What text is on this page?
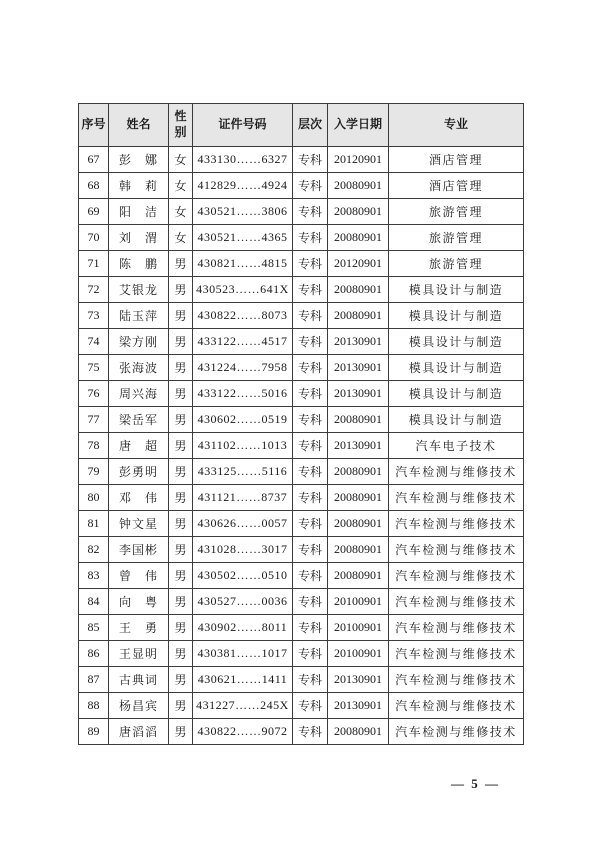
序号	姓名	性别	证件号码	层次	入学日期	专业
67	彭　娜	女	433130……6327	专科	20120901	酒店管理
68	韩　莉	女	412829……4924	专科	20080901	酒店管理
69	阳　洁	女	430521……3806	专科	20080901	旅游管理
70	刘　渭	女	430521……4365	专科	20080901	旅游管理
71	陈　鹏	男	430821……4815	专科	20120901	旅游管理
72	艾银龙	男	430523……641X	专科	20080901	模具设计与制造
73	陆玉萍	男	430822……8073	专科	20080901	模具设计与制造
74	梁方刚	男	433122……4517	专科	20130901	模具设计与制造
75	张海波	男	431224……7958	专科	20130901	模具设计与制造
76	周兴海	男	433122……5016	专科	20130901	模具设计与制造
77	梁岳军	男	430602……0519	专科	20080901	模具设计与制造
78	唐　超	男	431102……1013	专科	20130901	汽车电子技术
79	彭勇明	男	433125……5116	专科	20080901	汽车检测与维修技术
80	邓　伟	男	431121……8737	专科	20080901	汽车检测与维修技术
81	钟文星	男	430626……0057	专科	20080901	汽车检测与维修技术
82	李国彬	男	431028……3017	专科	20080901	汽车检测与维修技术
83	曾　伟	男	430502……0510	专科	20080901	汽车检测与维修技术
84	向　粤	男	430527……0036	专科	20100901	汽车检测与维修技术
85	王　勇	男	430902……8011	专科	20100901	汽车检测与维修技术
86	王显明	男	430381……1017	专科	20100901	汽车检测与维修技术
87	古典词	男	430621……1411	专科	20130901	汽车检测与维修技术
88	杨昌宾	男	431227……245X	专科	20130901	汽车检测与维修技术
89	唐滔滔	男	430822……9072	专科	20080901	汽车检测与维修技术
— 5 —
